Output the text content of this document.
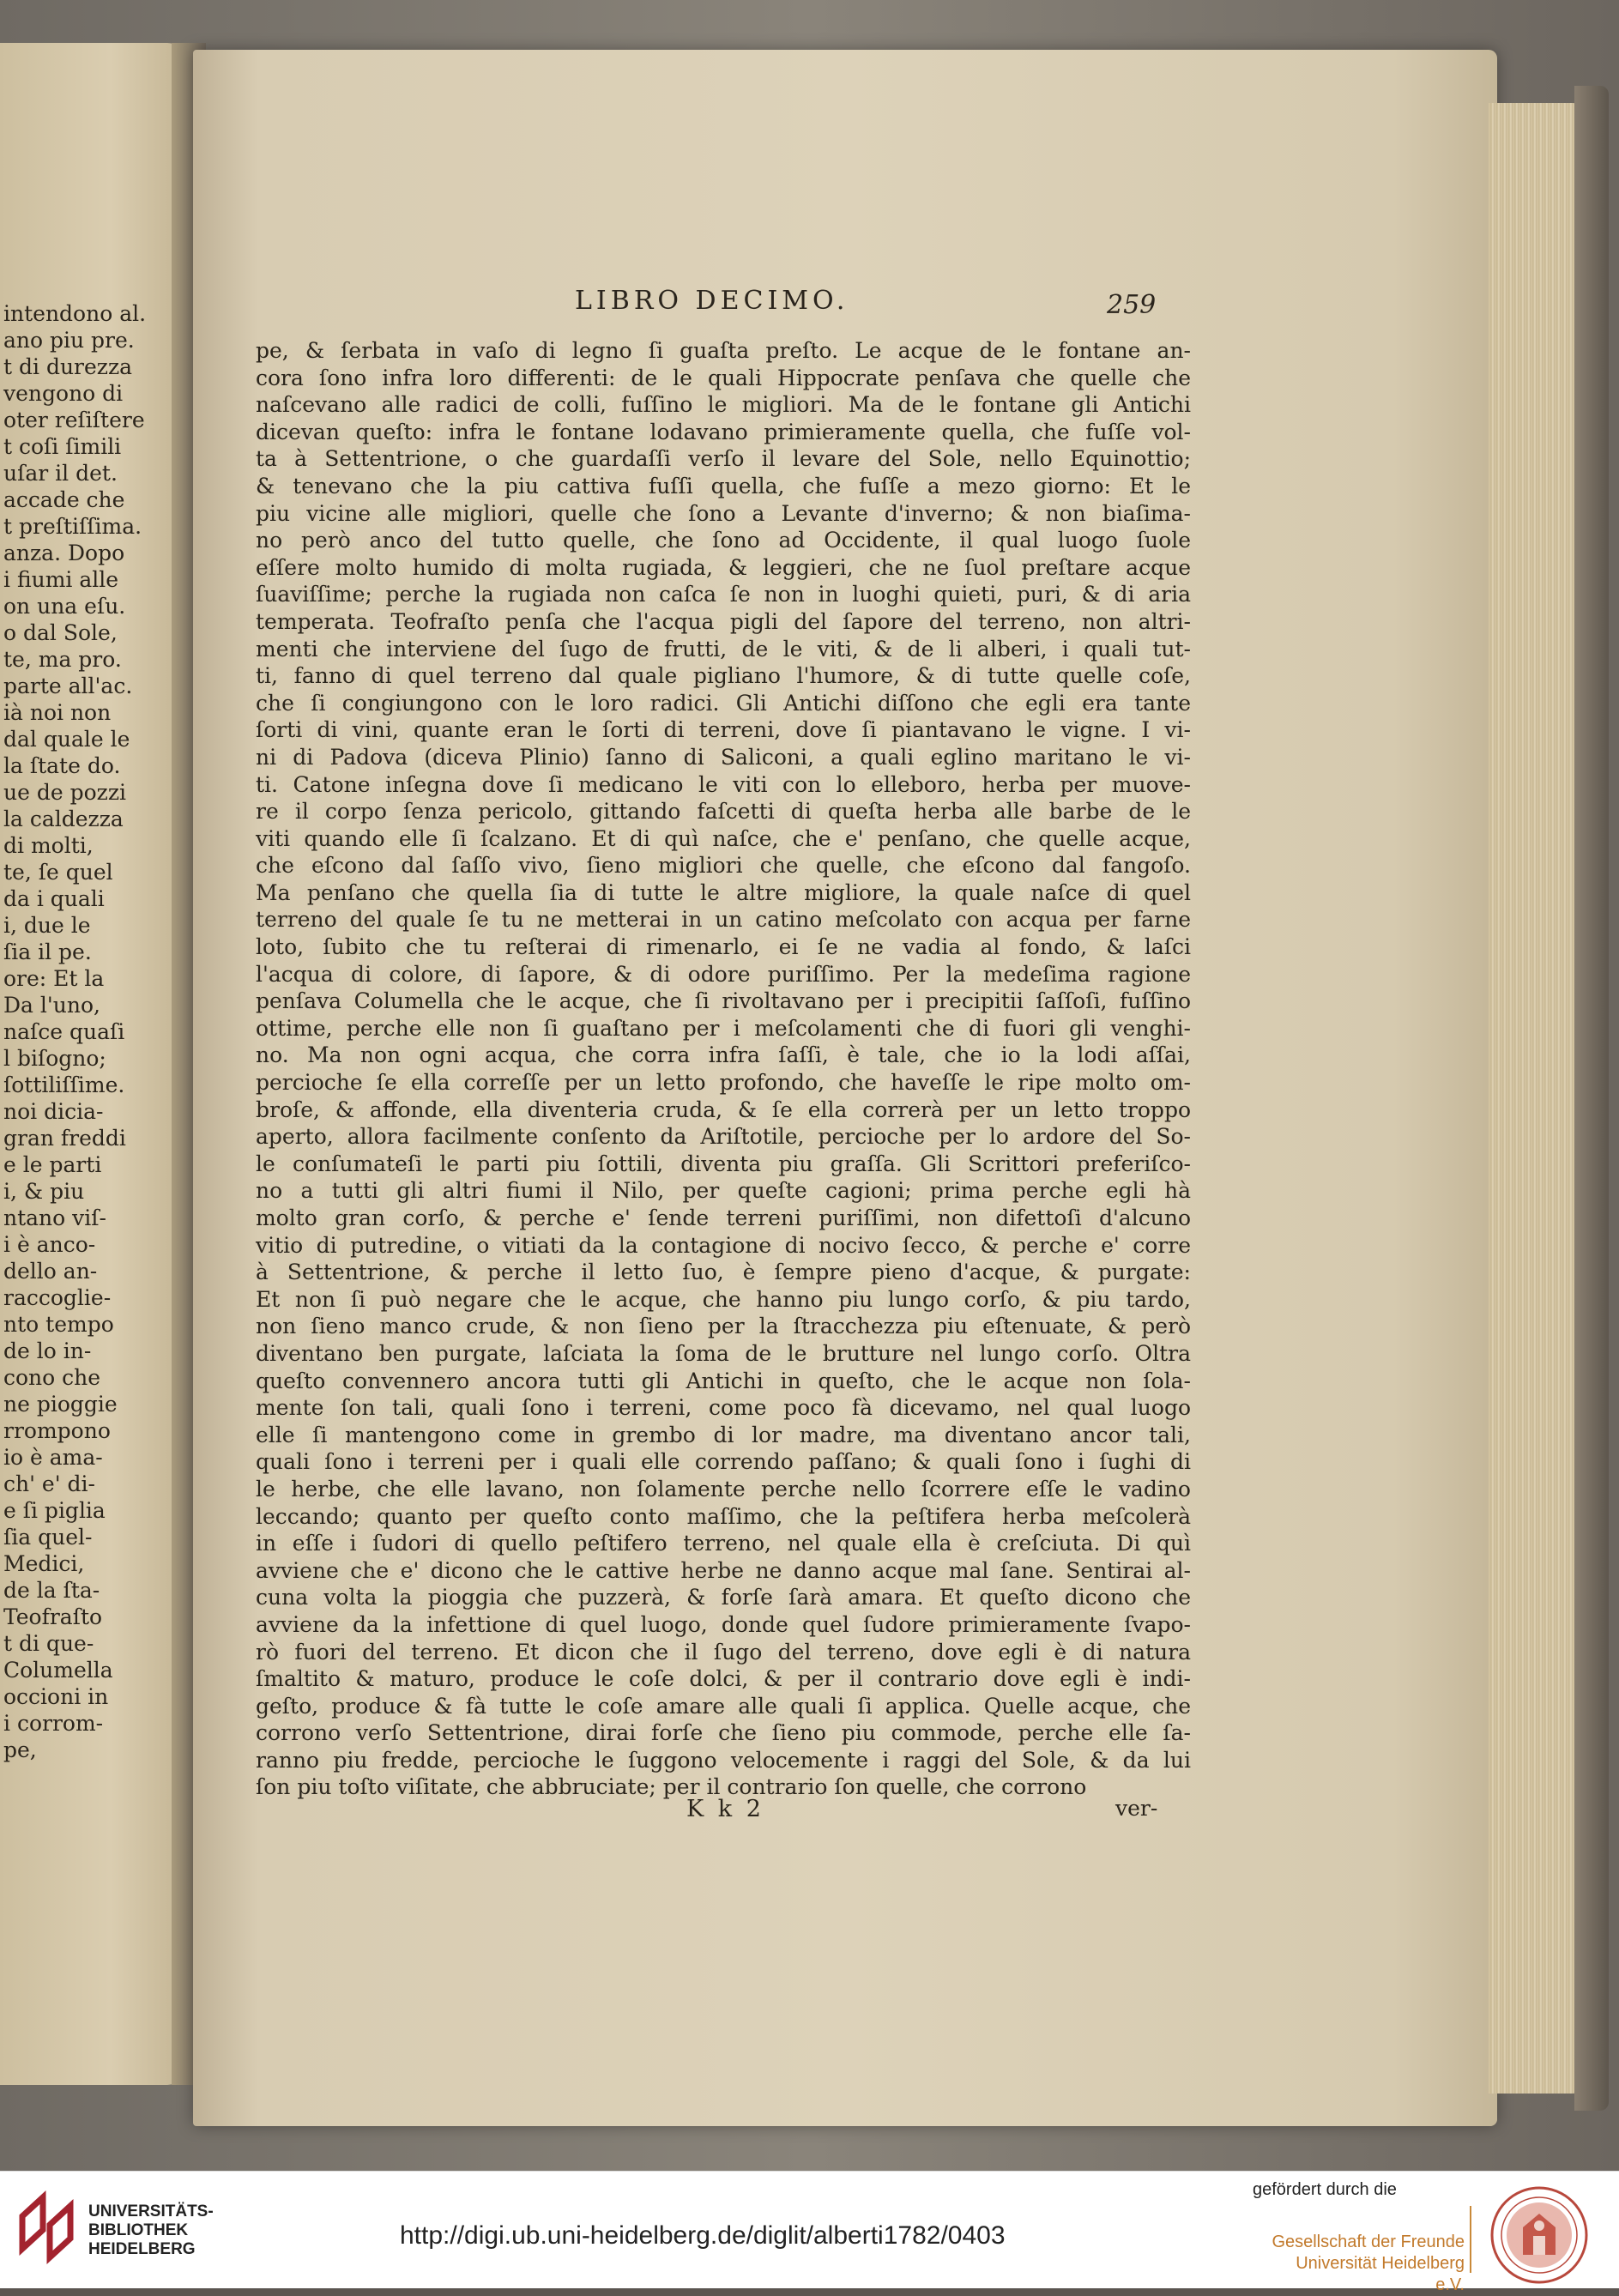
intendono al.
ano piu pre.
t di durezza
vengono di
oter reſiſtere
t coſi ſimili
uſar il det.
accade che
t preſtiſſima.
anza. Dopo
i fiumi alle
on una eſu.
o dal Sole,
te, ma pro.
parte all'ac.
ià noi non
dal quale le
la ſtate do.
ue de pozzi
la caldezza
di molti,
te, ſe quel
da i quali
i, due le
ſia il pe.
ore: Et la
Da l'uno,
naſce quaſi
l biſogno;
ſottiliſſime.
noi dicia-
gran freddi
e le parti
i, & piu
ntano viſ-
i è anco-
dello an-
raccoglie-
nto tempo
de lo in-
cono che
ne pioggie
rrompono
io è ama-
ch' e' di-
e ſi piglia
ſia quel-
Medici,
de la ſta-
Teofraſto
t di que-
Columella
occioni in
i corrom-
pe,
LIBRO DECIMO.	259
pe, & ſerbata in vaſo di legno ſi guaſta preſto. Le acque de le fontane an-
cora ſono infra loro differenti: de le quali Hippocrate penſava che quelle che
naſcevano alle radici de colli, fuſſino le migliori. Ma de le fontane gli Antichi
dicevan queſto: infra le fontane lodavano primieramente quella, che fuſſe vol-
ta à Settentrione, o che guardaſſi verſo il levare del Sole, nello Equinottio;
& tenevano che la piu cattiva fuſſi quella, che fuſſe a mezo giorno: Et le
piu vicine alle migliori, quelle che ſono a Levante d'inverno; & non biaſima-
no però anco del tutto quelle, che ſono ad Occidente, il qual luogo ſuole
eſſere molto humido di molta rugiada, & leggieri, che ne ſuol preſtare acque
ſuaviſſime; perche la rugiada non caſca ſe non in luoghi quieti, puri, & di aria
temperata. Teofraſto penſa che l'acqua pigli del ſapore del terreno, non altri-
menti che interviene del ſugo de frutti, de le viti, & de li alberi, i quali tut-
ti, fanno di quel terreno dal quale pigliano l'humore, & di tutte quelle coſe,
che ſi congiungono con le loro radici. Gli Antichi diſſono che egli era tante
ſorti di vini, quante eran le ſorti di terreni, dove ſi piantavano le vigne. I vi-
ni di Padova (diceva Plinio) ſanno di Saliconi, a quali eglino maritano le vi-
ti. Catone inſegna dove ſi medicano le viti con lo elleboro, herba per muove-
re il corpo ſenza pericolo, gittando faſcetti di queſta herba alle barbe de le
viti quando elle ſi ſcalzano. Et di quì naſce, che e' penſano, che quelle acque,
che eſcono dal ſaſſo vivo, ſieno migliori che quelle, che eſcono dal fangoſo.
Ma penſano che quella ſia di tutte le altre migliore, la quale naſce di quel
terreno del quale ſe tu ne metterai in un catino meſcolato con acqua per farne
loto, ſubito che tu reſterai di rimenarlo, ei ſe ne vadia al fondo, & laſci
l'acqua di colore, di ſapore, & di odore puriſſimo. Per la medeſima ragione
penſava Columella che le acque, che ſi rivoltavano per i precipitii ſaſſoſi, fuſſino
ottime, perche elle non ſi guaſtano per i meſcolamenti che di fuori gli venghi-
no. Ma non ogni acqua, che corra infra ſaſſi, è tale, che io la lodi aſſai,
percioche ſe ella correſſe per un letto profondo, che haveſſe le ripe molto om-
broſe, & affonde, ella diventeria cruda, & ſe ella correrà per un letto troppo
aperto, allora facilmente conſento da Ariſtotile, percioche per lo ardore del So-
le conſumateſi le parti piu ſottili, diventa piu graſſa. Gli Scrittori preferiſco-
no a tutti gli altri fiumi il Nilo, per queſte cagioni; prima perche egli hà
molto gran corſo, & perche e' ſende terreni puriſſimi, non difettoſi d'alcuno
vitio di putredine, o vitiati da la contagione di nocivo ſecco, & perche e' corre
à Settentrione, & perche il letto ſuo, è ſempre pieno d'acque, & purgate:
Et non ſi può negare che le acque, che hanno piu lungo corſo, & piu tardo,
non ſieno manco crude, & non ſieno per la ſtracchezza piu eſtenuate, & però
diventano ben purgate, laſciata la ſoma de le brutture nel lungo corſo. Oltra
queſto convennero ancora tutti gli Antichi in queſto, che le acque non ſola-
mente ſon tali, quali ſono i terreni, come poco fà dicevamo, nel qual luogo
elle ſi mantengono come in grembo di lor madre, ma diventano ancor tali,
quali ſono i terreni per i quali elle correndo paſſano; & quali ſono i ſughi di
le herbe, che elle lavano, non ſolamente perche nello ſcorrere eſſe le vadino
leccando; quanto per queſto conto maſſimo, che la peſtifera herba meſcolerà
in eſſe i ſudori di quello peſtifero terreno, nel quale ella è creſciuta. Di quì
avviene che e' dicono che le cattive herbe ne danno acque mal ſane. Sentirai al-
cuna volta la pioggia che puzzerà, & forſe ſarà amara. Et queſto dicono che
avviene da la infettione di quel luogo, donde quel ſudore primieramente ſvapo-
rò fuori del terreno. Et dicon che il ſugo del terreno, dove egli è di natura
ſmaltito & maturo, produce le coſe dolci, & per il contrario dove egli è indi-
geſto, produce & fà tutte le coſe amare alle quali ſi applica. Quelle acque, che
corrono verſo Settentrione, dirai forſe che ſieno piu commode, perche elle ſa-
ranno piu fredde, percioche le ſuggono velocemente i raggi del Sole, & da lui
ſon piu toſto viſitate, che abbruciate; per il contrario ſon quelle, che corrono
K k 2	ver-
UNIVERSITÄTS-
BIBLIOTHEK
HEIDELBERG	http://digi.ub.uni-heidelberg.de/diglit/alberti1782/0403
gefördert durch die
Gesellschaft der Freunde
Universität Heidelberg e.V.
